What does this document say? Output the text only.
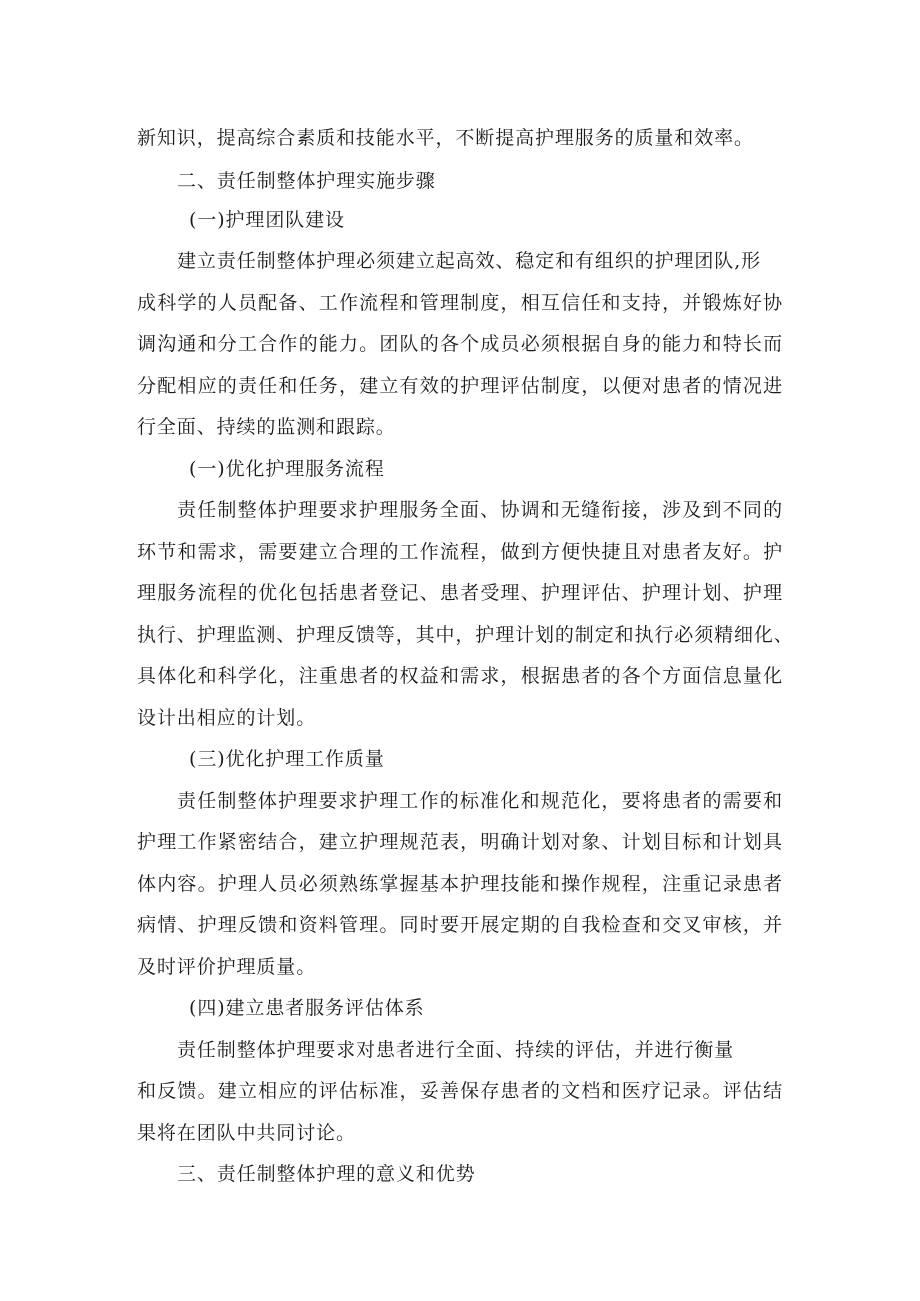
新知识，提高综合素质和技能水平，不断提高护理服务的质量和效率。
二、责任制整体护理实施步骤
(一)护理团队建设
建立责任制整体护理必须建立起高效、稳定和有组织的护理团队,形
成科学的人员配备、工作流程和管理制度，相互信任和支持，并锻炼好协
调沟通和分工合作的能力。团队的各个成员必须根据自身的能力和特长而
分配相应的责任和任务，建立有效的护理评估制度，以便对患者的情况进
行全面、持续的监测和跟踪。
(一)优化护理服务流程
责任制整体护理要求护理服务全面、协调和无缝衔接，涉及到不同的
环节和需求，需要建立合理的工作流程，做到方便快捷且对患者友好。护
理服务流程的优化包括患者登记、患者受理、护理评估、护理计划、护理
执行、护理监测、护理反馈等，其中，护理计划的制定和执行必须精细化、
具体化和科学化，注重患者的权益和需求，根据患者的各个方面信息量化
设计出相应的计划。
(三)优化护理工作质量
责任制整体护理要求护理工作的标准化和规范化，要将患者的需要和
护理工作紧密结合，建立护理规范表，明确计划对象、计划目标和计划具
体内容。护理人员必须熟练掌握基本护理技能和操作规程，注重记录患者
病情、护理反馈和资料管理。同时要开展定期的自我检查和交叉审核，并
及时评价护理质量。
(四)建立患者服务评估体系
责任制整体护理要求对患者进行全面、持续的评估，并进行衡量
和反馈。建立相应的评估标准，妥善保存患者的文档和医疗记录。评估结
果将在团队中共同讨论。
三、责任制整体护理的意义和优势
